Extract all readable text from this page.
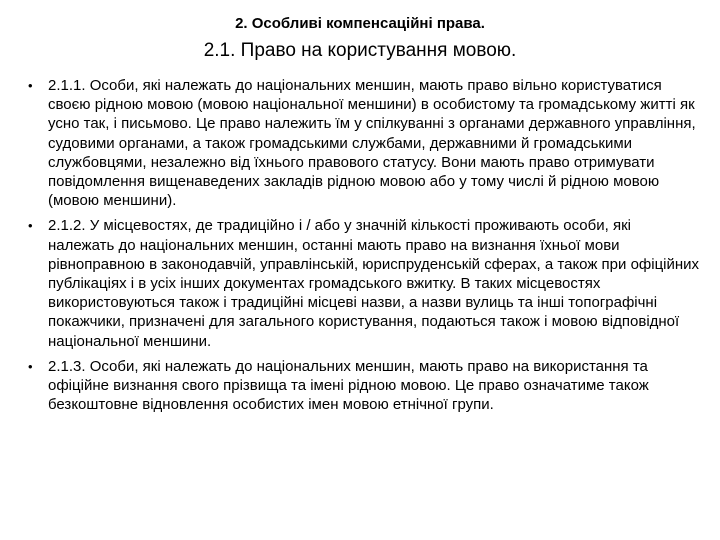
2. Особливі компенсаційні права.
2.1. Право на користування мовою.
• 2.1.1. Особи, які належать до національних меншин, мають право вільно користуватися своєю рідною мовою (мовою національної меншини) в особистому та громадському житті як усно так, і письмово. Це право належить їм у спілкуванні з органами державного управління, судовими органами, а також громадськими службами, державними й громадськими службовцями, незалежно від їхнього правового статусу. Вони мають право отримувати повідомлення вищенаведених закладів рідною мовою або у тому числі й рідною мовою (мовою меншини).
• 2.1.2. У місцевостях, де традиційно і / або у значній кількості проживають особи, які належать до національних меншин, останні мають право на визнання їхньої мови рівноправною в законодавчій, управлінській, юриспруденській сферах, а також при офіційних публікаціях і в усіх інших документах громадського вжитку. В таких місцевостях використовуються також і традиційні місцеві назви, а назви вулиць та інші топографічні покажчики, призначені для загального користування, подаються також і мовою відповідної національної меншини.
• 2.1.3. Особи, які належать до національних меншин, мають право на використання та офіційне визнання свого прізвища та імені рідною мовою. Це право означатиме також безкоштовне відновлення особистих імен мовою етнічної групи.
